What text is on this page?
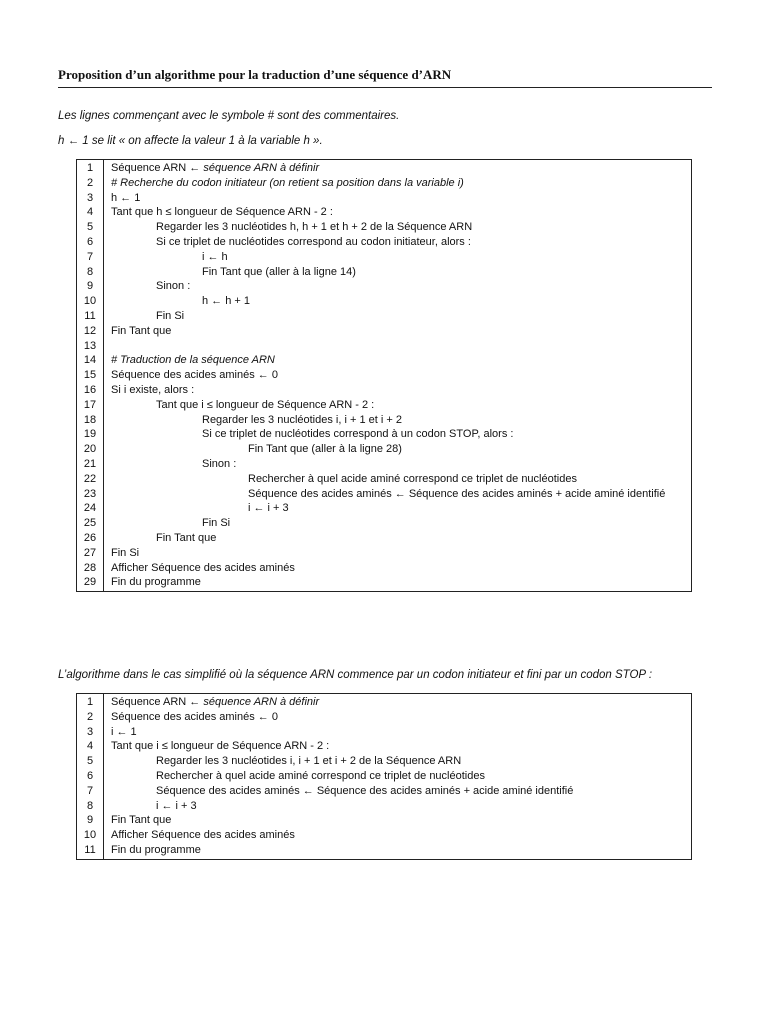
Proposition d’un algorithme pour la traduction d’une séquence d’ARN
Les lignes commençant avec le symbole # sont des commentaires.
h ← 1 se lit « on affecte la valeur 1 à la variable h ».
1	Séquence ARN ← séquence ARN à définir
2	# Recherche du codon initiateur (on retient sa position dans la variable i)
3	h ← 1
4	Tant que h ≤ longueur de Séquence ARN - 2 :
5	Regarder les 3 nucléotides h, h + 1 et h + 2 de la Séquence ARN
6	Si ce triplet de nucléotides correspond au codon initiateur, alors :
7	i ← h
8	Fin Tant que (aller à la ligne 14)
9	Sinon :
10	h ← h + 1
11	Fin Si
12	Fin Tant que
13	
14	# Traduction de la séquence ARN
15	Séquence des acides aminés ← 0
16	Si i existe, alors :
17	Tant que i ≤ longueur de Séquence ARN - 2 :
18	Regarder les 3 nucléotides i, i + 1 et i + 2
19	Si ce triplet de nucléotides correspond à un codon STOP, alors :
20	Fin Tant que (aller à la ligne 28)
21	Sinon :
22	Rechercher à quel acide aminé correspond ce triplet de nucléotides
23	Séquence des acides aminés ← Séquence des acides aminés + acide aminé identifié
24	i ← i + 3
25	Fin Si
26	Fin Tant que
27	Fin Si
28	Afficher Séquence des acides aminés
29	Fin du programme
L’algorithme dans le cas simplifié où la séquence ARN commence par un codon initiateur et fini par un codon STOP :
1	Séquence ARN ← séquence ARN à définir
2	Séquence des acides aminés ← 0
3	i ← 1
4	Tant que i ≤ longueur de Séquence ARN - 2 :
5	Regarder les 3 nucléotides i, i + 1 et i + 2 de la Séquence ARN
6	Rechercher à quel acide aminé correspond ce triplet de nucléotides
7	Séquence des acides aminés ← Séquence des acides aminés + acide aminé identifié
8	i ← i + 3
9	Fin Tant que
10	Afficher Séquence des acides aminés
11	Fin du programme
